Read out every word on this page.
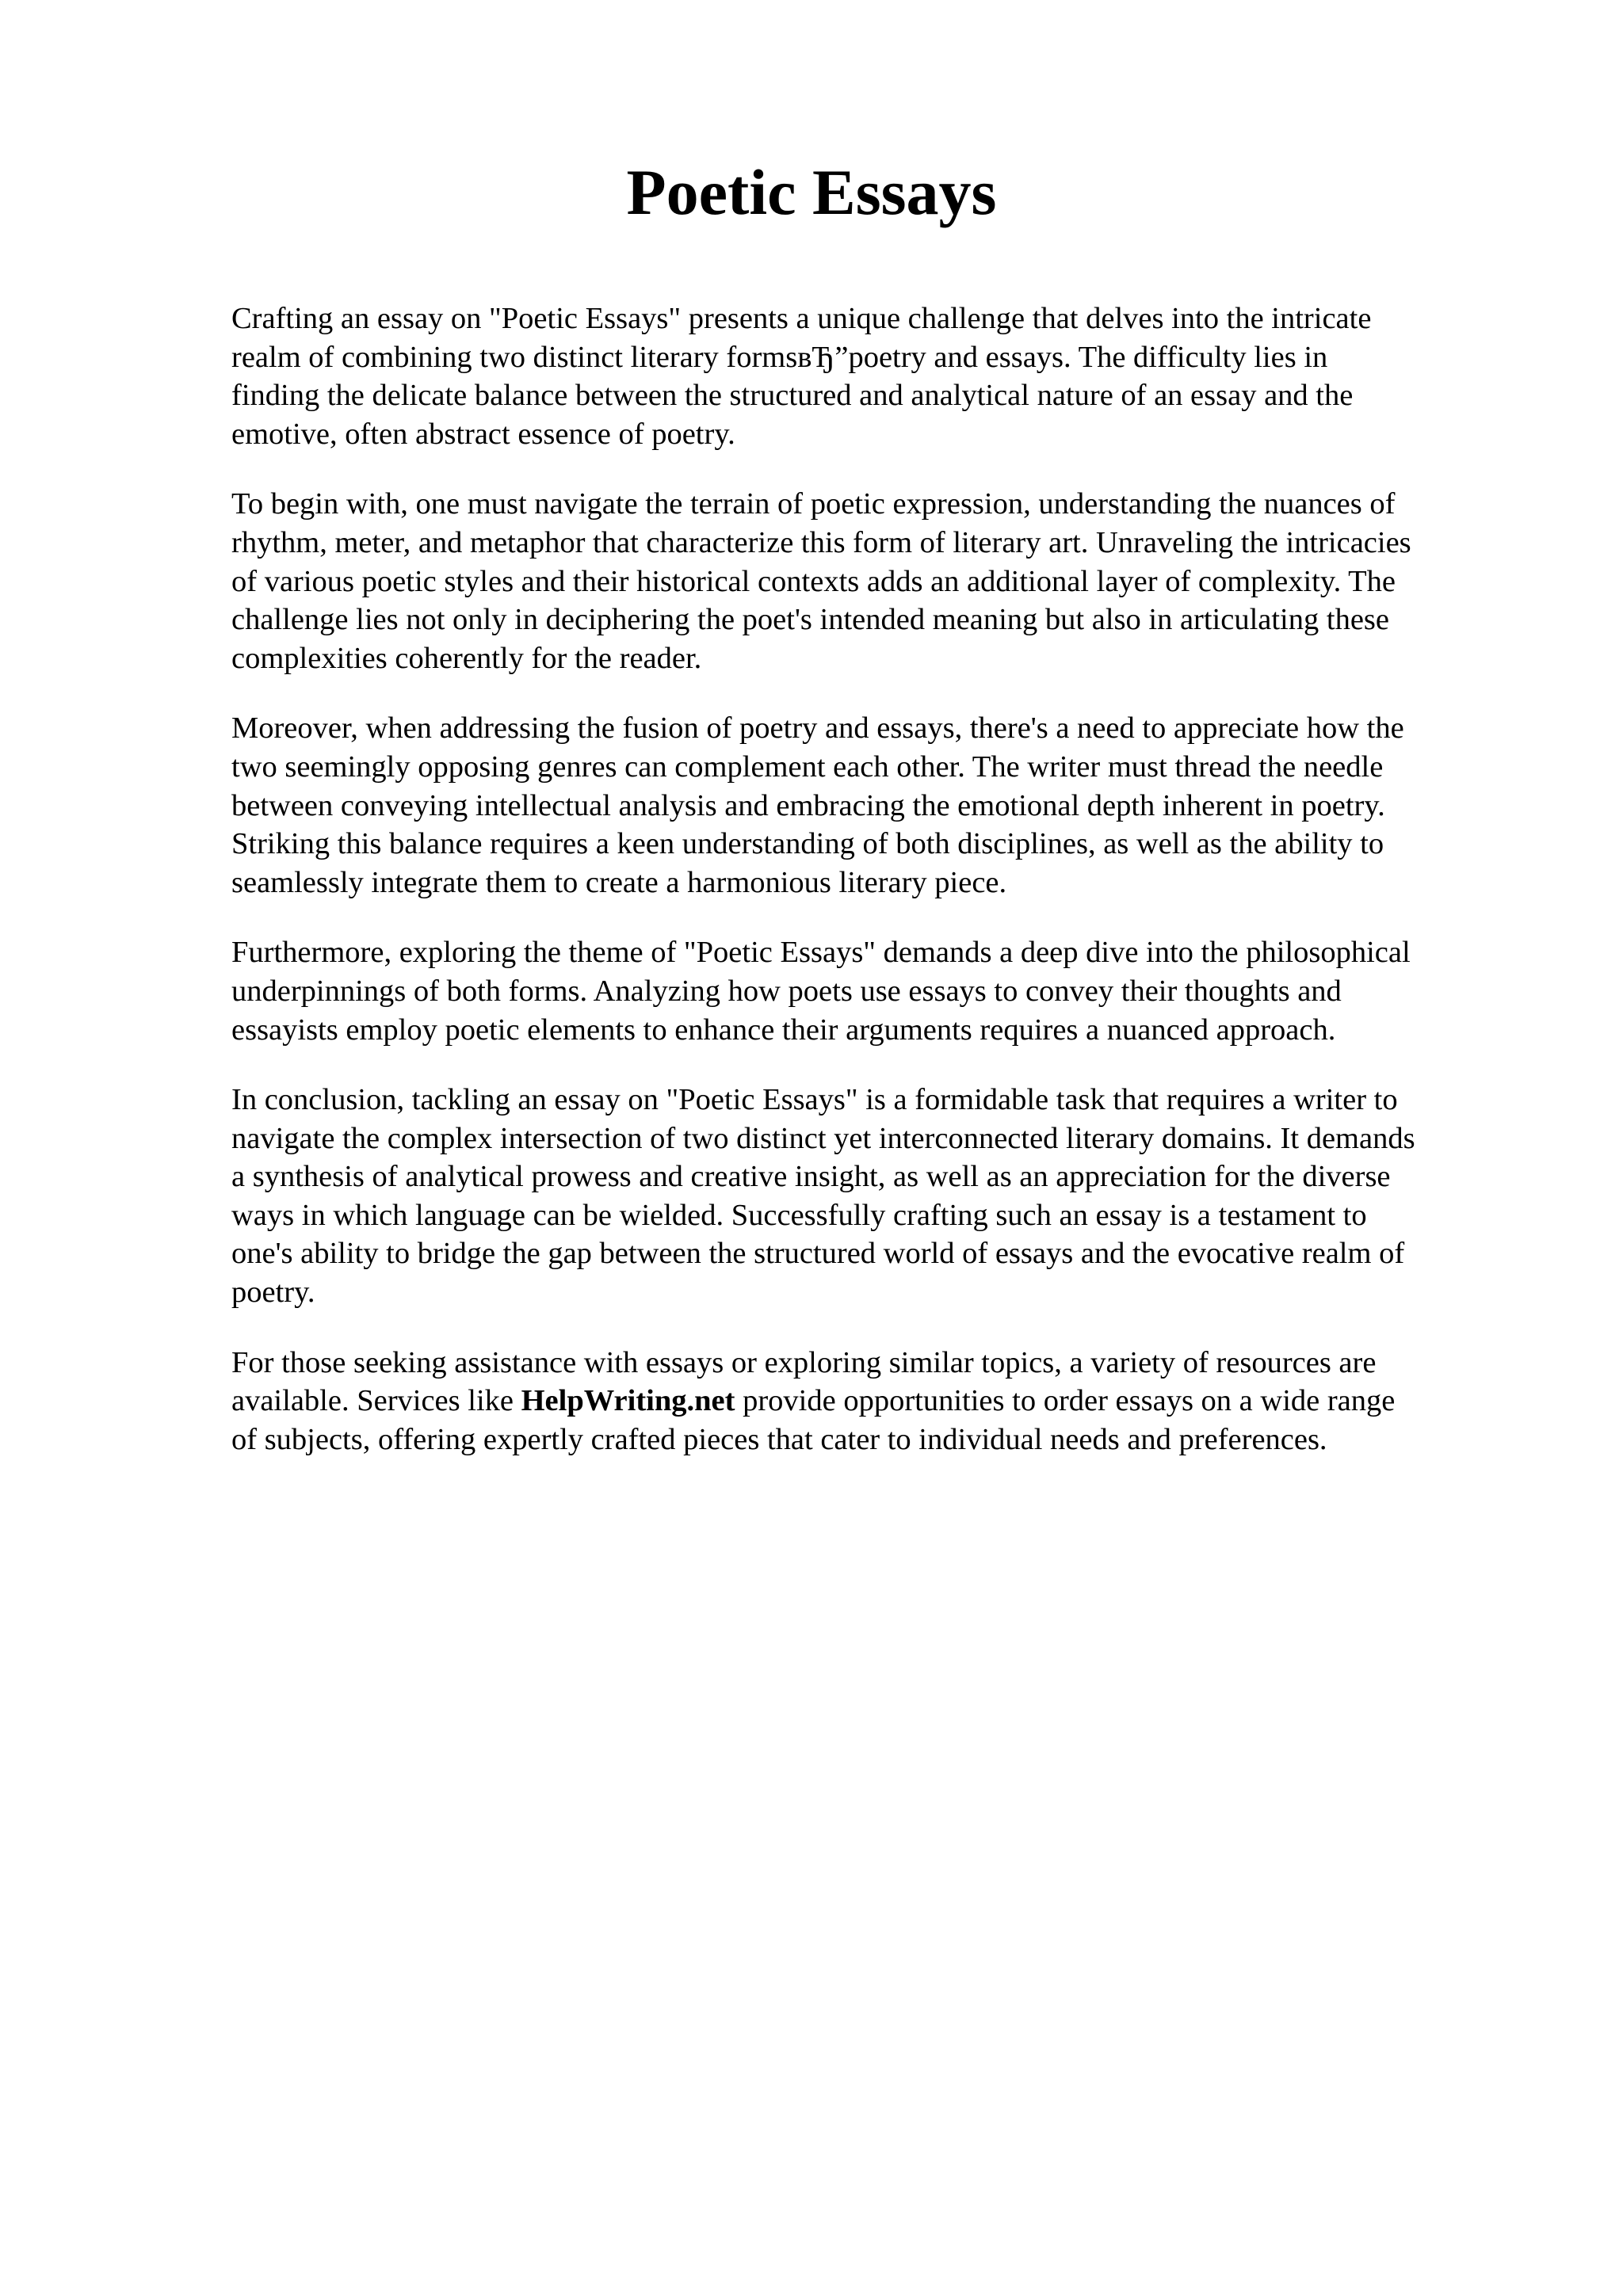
Poetic Essays

Crafting an essay on "Poetic Essays" presents a unique challenge that delves into the intricate
realm of combining two distinct literary formsвЂ”poetry and essays. The difficulty lies in
finding the delicate balance between the structured and analytical nature of an essay and the
emotive, often abstract essence of poetry.

To begin with, one must navigate the terrain of poetic expression, understanding the nuances of
rhythm, meter, and metaphor that characterize this form of literary art. Unraveling the intricacies
of various poetic styles and their historical contexts adds an additional layer of complexity. The
challenge lies not only in deciphering the poet's intended meaning but also in articulating these
complexities coherently for the reader.

Moreover, when addressing the fusion of poetry and essays, there's a need to appreciate how the
two seemingly opposing genres can complement each other. The writer must thread the needle
between conveying intellectual analysis and embracing the emotional depth inherent in poetry.
Striking this balance requires a keen understanding of both disciplines, as well as the ability to
seamlessly integrate them to create a harmonious literary piece.

Furthermore, exploring the theme of "Poetic Essays" demands a deep dive into the philosophical
underpinnings of both forms. Analyzing how poets use essays to convey their thoughts and
essayists employ poetic elements to enhance their arguments requires a nuanced approach.

In conclusion, tackling an essay on "Poetic Essays" is a formidable task that requires a writer to
navigate the complex intersection of two distinct yet interconnected literary domains. It demands
a synthesis of analytical prowess and creative insight, as well as an appreciation for the diverse
ways in which language can be wielded. Successfully crafting such an essay is a testament to
one's ability to bridge the gap between the structured world of essays and the evocative realm of
poetry.

For those seeking assistance with essays or exploring similar topics, a variety of resources are
available. Services like HelpWriting.net provide opportunities to order essays on a wide range
of subjects, offering expertly crafted pieces that cater to individual needs and preferences.
